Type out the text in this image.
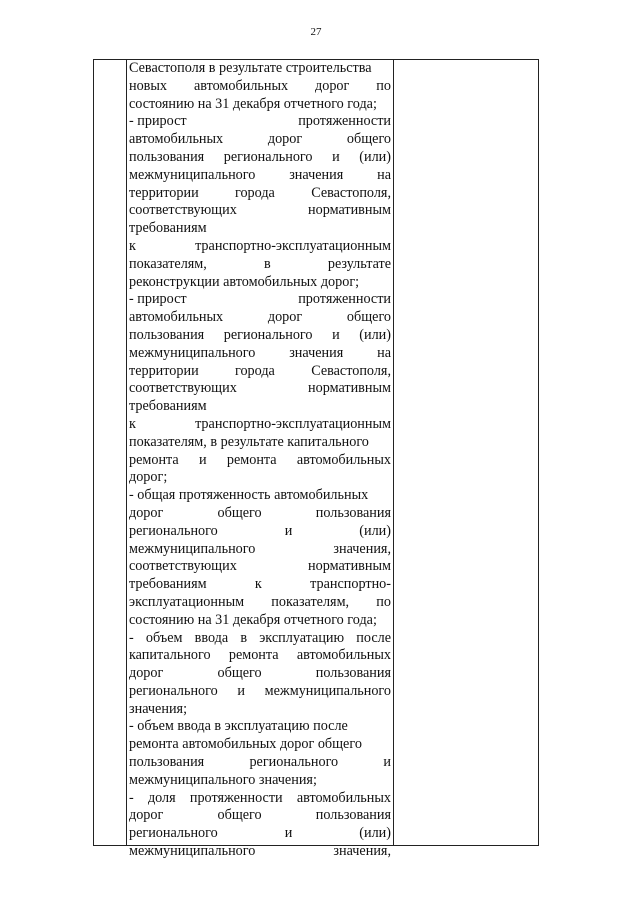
27
Севастополя в результате строительства
новых автомобильных дорог по
состоянию на 31 декабря отчетного года;
- прирост	протяженности
автомобильных	дорог	общего
пользования регионального и (или)
межмуниципального значения на
территории	города	Севастополя,
соответствующих	нормативным
требованиям
к	транспортно-эксплуатационным
показателям,	в	результате
реконструкции автомобильных дорог;
- прирост	протяженности
автомобильных	дорог	общего
пользования регионального и (или)
межмуниципального значения на
территории	города	Севастополя,
соответствующих	нормативным
требованиям
к	транспортно-эксплуатационным
показателям, в результате капитального
ремонта и ремонта автомобильных
дорог;
- общая протяженность автомобильных
дорог	общего	пользования
регионального	и	(или)
межмуниципального	значения,
соответствующих	нормативным
требованиям	к	транспортно-
эксплуатационным показателям, по
состоянию на 31 декабря отчетного года;
- объем ввода в эксплуатацию после
капитального ремонта автомобильных
дорог	общего	пользования
регионального и межмуниципального
значения;
- объем ввода в эксплуатацию после
ремонта автомобильных дорог общего
пользования	регионального	и
межмуниципального значения;
- доля протяженности автомобильных
дорог	общего	пользования
регионального	и	(или)
межмуниципального	значения,
